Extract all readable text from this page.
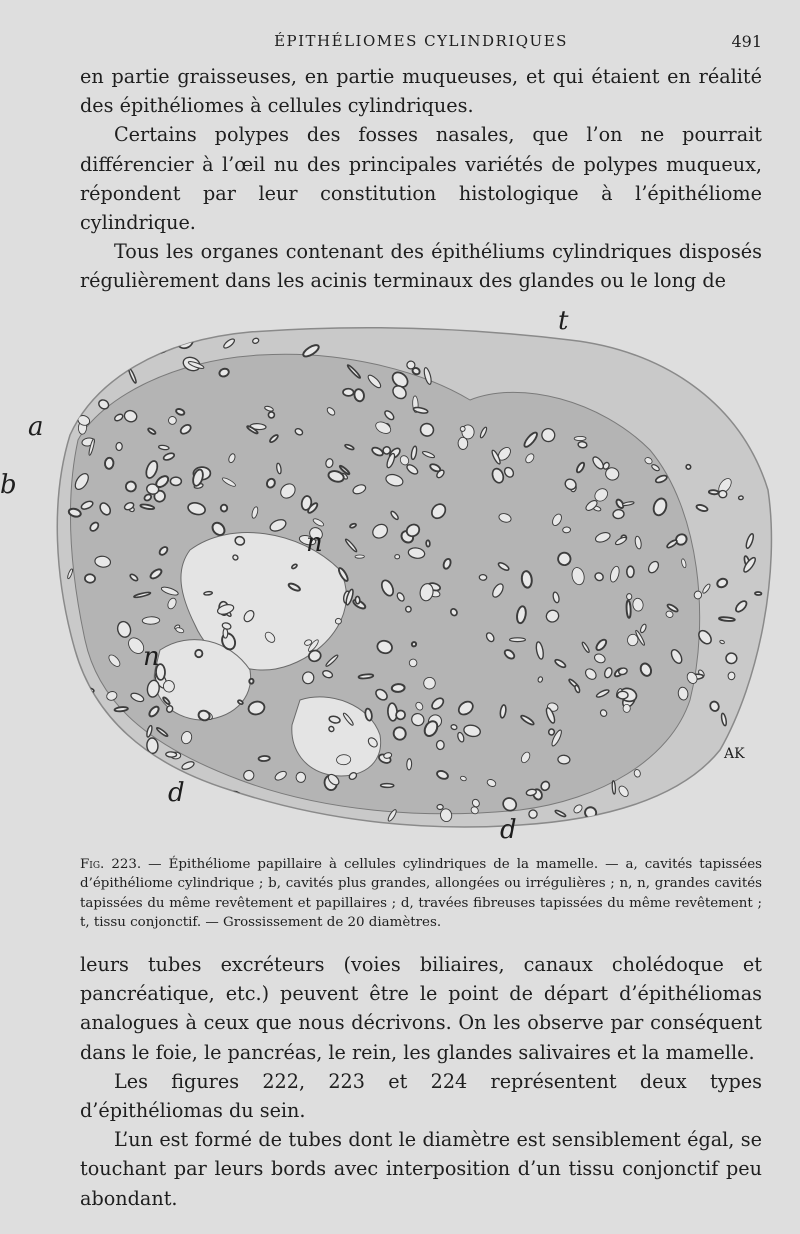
ÉPITHÉLIOMES CYLINDRIQUES	491

en partie graisseuses, en partie muqueuses, et qui étaient en réalité des épithéliomes à cellules cylindriques.

Certains polypes des fosses nasales, que l’on ne pourrait différencier à l’œil nu des principales variétés de polypes muqueux, répondent par leur constitution histologique à l’épithéliome cylindrique.

Tous les organes contenant des épithéliums cylindriques disposés régulièrement dans les acinis terminaux des glandes ou le long de

t
a
b
n
n
d
d
AK
Fig. 223. — Épithéliome papillaire à cellules cylindriques de la mamelle. — a, cavités tapissées d’épithéliome cylindrique ; b, cavités plus grandes, allongées ou irrégulières ; n, n, grandes cavités tapissées du même revêtement et papillaires ; d, travées fibreuses tapissées du même revêtement ; t, tissu conjonctif. — Grossissement de 20 diamètres.

leurs tubes excréteurs (voies biliaires, canaux cholédoque et pancréatique, etc.) peuvent être le point de départ d’épithéliomas analogues à ceux que nous décrivons. On les observe par conséquent dans le foie, le pancréas, le rein, les glandes salivaires et la mamelle.

Les figures 222, 223 et 224 représentent deux types d’épithéliomas du sein.

L’un est formé de tubes dont le diamètre est sensiblement égal, se touchant par leurs bords avec interposition d’un tissu conjonctif peu abondant.
